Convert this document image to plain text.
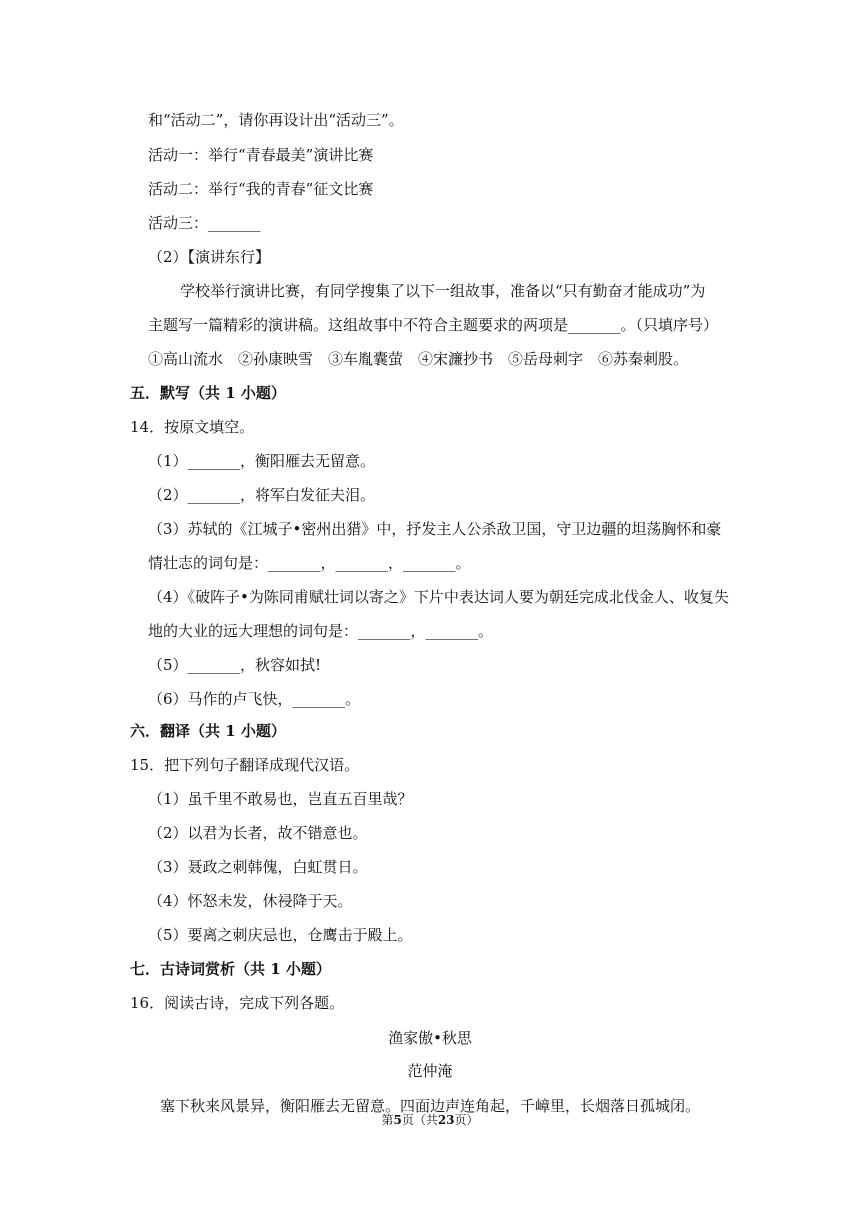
和“活动二”，请你再设计出“活动三”。
活动一：举行“青春最美”演讲比赛
活动二：举行“我的青春”征文比赛
活动三：_______
（2）【演讲东行】
学校举行演讲比赛，有同学搜集了以下一组故事，准备以“只有勤奋才能成功”为
主题写一篇精彩的演讲稿。这组故事中不符合主题要求的两项是_______。（只填序号）
①高山流水　②孙康映雪　③车胤囊萤　④宋濂抄书　⑤岳母刺字　⑥苏秦刺股。
五．默写（共 1 小题）
14．按原文填空。
（1）_______，衡阳雁去无留意。
（2）_______，将军白发征夫泪。
（3）苏轼的《江城子•密州出猎》中，抒发主人公杀敌卫国，守卫边疆的坦荡胸怀和豪
情壮志的词句是：_______，_______，_______。
（4）《破阵子•为陈同甫赋壮词以寄之》下片中表达词人要为朝廷完成北伐金人、收复失
地的大业的远大理想的词句是：_______，_______。
（5）_______，秋容如拭!
（6）马作的卢飞快，_______。
六．翻译（共 1 小题）
15．把下列句子翻译成现代汉语。
（1）虽千里不敢易也，岂直五百里哉？
（2）以君为长者，故不错意也。
（3）聂政之刺韩傀，白虹贯日。
（4）怀怒未发，休祲降于天。
（5）要离之刺庆忌也，仓鹰击于殿上。
七．古诗词赏析（共 1 小题）
16．阅读古诗，完成下列各题。
渔家傲•秋思
范仲淹
塞下秋来风景异，衡阳雁去无留意。四面边声连角起，千嶂里，长烟落日孤城闭。
第5页（共23页）
